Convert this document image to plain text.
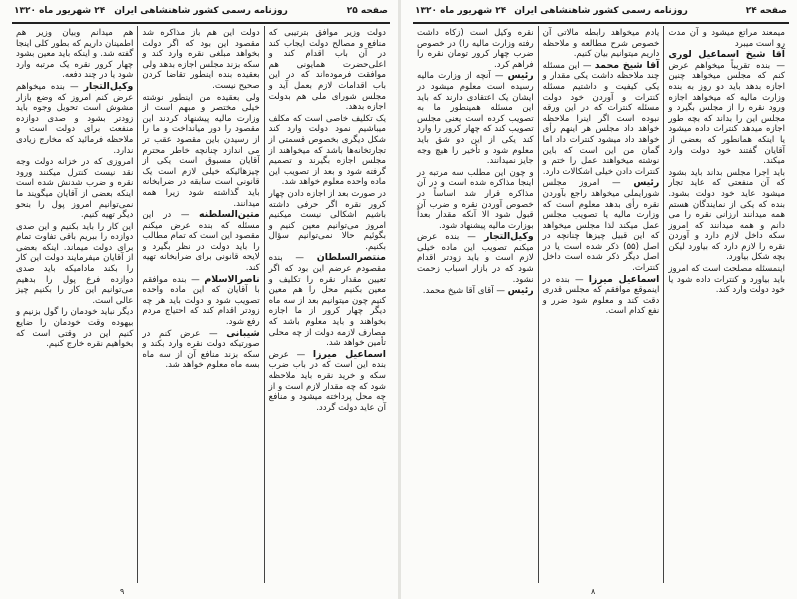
صفحه ۲۵
روزنامه رسمی کشور شاهنشاهی ایران
۲۴ شهریور ماه ۱۳۲۰

دولت وزیر موافق بترتیبی که منافع و مصالح دولت ایجاب کند در آن باب اقدام کند و اعلی‌حضرت همایونی هم موافقت فرموده‌اند که در این باب اقدامات لازم بعمل آید و مجلس شورای ملی هم بدولت اجازه بدهد.

یک تکلیف خاصی است که مکلف میباشیم نمود دولت وارد کند شکل دیگری بخصوص قسمتی از تجارتخانه‌ها باشد که میخواهند از مجلس اجازه بگیرند و تصمیم گرفته شود و بعد از تصویب این ماده واحده معلوم خواهد شد.

در صورت بعد از اجازه دادن چهار کرور نقره اگر حرفی داشته باشیم اشکالی نیست میکنیم امروز می‌توانیم معین کنیم و بگوئیم حالا نمی‌توانیم سؤال بکنیم.

منتصرالسلطان — بنده مقصودم عرضم این بود که اگر تعیین مقدار نقره را تکلیف و معین بکنیم محل را هم معین کنیم چون میتوانیم بعد از سه ماه دیگر چهار کرور از ما اجازه بخواهند و باید معلوم باشد که مصارف لازمه دولت از چه محلی تأمین خواهد شد.

اسماعیل میرزا — عرض بنده این است که در باب ضرب سکه و خرید نقره باید ملاحظه شود که چه مقدار لازم است و از چه محل پرداخته میشود و منافع آن عاید دولت گردد.

دولت این هم باز مذاکره شد مقصود این بود که اگر دولت بخواهد مبلغی نقره وارد کند و سکه بزند مجلس اجازه بدهد ولی بعقیده بنده اینطور تقاضا کردن صحیح نیست.

ولی بعقیده من اینطور نوشته خیلی مختصر و مبهم است از وزارت مالیه پیشنهاد کردند این مقصود را دور میانداخت و ما را از رسیدن باین مقصود عقب تر می اندازد چنانچه خاطر محترم آقایان مسبوق است یکی از چیزهائیکه خیلی لازم است یک قانونی است سابقه در ضرابخانه باید گذاشته شود زیرا همه میدانند.

متین‌السلطنه — در این مسئله که بنده عرض میکنم مقصود این است که تمام مطالب را باید دولت در نظر بگیرد و لایحه قانونی برای ضرابخانه تهیه کند.

ناصرالاسلام — بنده موافقم با آقایان که این ماده واحده تصویب شود و دولت باید هر چه زودتر اقدام کند که احتیاج مردم رفع شود.

شیبانی — عرض کنم در صورتیکه دولت نقره وارد بکند و سکه بزند منافع آن از سه ماه بسه ماه معلوم خواهد شد.

هم میدانم وبیان وزیر هم اطمینان داریم که بطور کلی اینجا گفته شد. و اینکه باید معین بشود چهار کرور نقره یک مرتبه وارد شود یا در چند دفعه.

وکیل‌التجار — بنده میخواهم عرض کنم امروز که وضع بازار مشوش است تحویل وجوه باید زودتر بشود و صدی دوازده منفعت برای دولت است و ملاحظه فرمائید که مخارج زیادی ندارد.

امروزی که در خزانه دولت وجه نقد نیست کنترل میکنند ورود نقره و ضرب شدنش شده است اینکه بعضی از آقایان میگویند ما نمی‌توانیم امروز پول را بنحو دیگر تهیه کنیم.

این کار را باید بکنیم و این صدی دوازده را ببریم باقی تفاوت تمام برای دولت میماند. اینکه بعضی از آقایان میفرمایند دولت این کار را بکند مادامیکه باید صدی دوازده فرع پول را بدهیم می‌توانیم این کار را بکنیم چیز عالی است.

دیگر نباید خودمان را گول بزنیم و بیهوده وقت خودمان را ضایع کنیم این در وقتی است که بخواهیم نقره خارج کنیم.

۹
صفحه ۲۴
روزنامه رسمی کشور شاهنشاهی ایران
۲۴ شهریور ماه ۱۳۲۰

میمعند مراتع میشود و آن مدت رو است میبرد

آقا شیخ اسماعیل لوری — بنده تقریباً میخواهم عرض کنم که مجلس میخواهد چنین اجازه بدهد باید دو روز به بنده وزارت مالیه که میخواهد اجازه ورود نقره را از مجلس بگیرد و مجلس این را بداند که بچه طور اجازه میدهد کنترات داده میشود یا اینکه همانطور که بعضی از آقایان گفتند خود دولت وارد میکند.

باید اجرا مجلس بداند باید بشود که آن منفعتی که عاید تجار میشود عاید خود دولت بشود. بنده که یکی از نمایندگان هستم همه میدانند ارزانی نقره را می دانم و همه میدانند که امروز سکه داخل لازم دارد و آوردن نقره را لازم دارد که بیاورد لیکن بچه شکل بیاورد.

اینمسئله مصلحت است که امروز باید بیاورد و کنترات داده شود یا خود دولت وارد کند.

یادم میخواهد رابطه مالاتی آن خصوص شرح مطالعه و ملاحظه داریم میتوانیم بیان کنیم.

آقا شیخ محمد — این مسئله چند ملاحظه داشت یکی مقدار و یکی کیفیت و داشتیم مسئله کنترات و آوردن خود دولت مسئله کنترات که در این ورقه نبوده است اگر اینرا ملاحظه خواهد داد مجلس هر اینهم رأی خواهد داد میشود کنترات داد اما گمان من این است که باین نوشته میخواهند عمل را ختم و کنترات دادن خیلی اشکالات دارد.

رئیس — امروز مجلس شورایملی میخواهد راجع بآوردن نقره رأی بدهد معلوم است که وزارت مالیه یا تصویب مجلس عمل میکند لذا مجلس میخواهد که این قبیل چیزها چنانچه در اصل (۵۵) ذکر شده است یا در اصل دیگر ذکر شده است داخل کنترات.

اسماعیل میرزا — بنده در اینموقع موافقم که مجلس قدری دقت کند و معلوم شود ضرر و نفع کدام است.

نقره وکیل است (زکاه داشت رفته وزارت مالیه را) در خصوص ضرب چهار کرور تومان نقره را فراهم کرد.

رئیس — آنچه از وزارت مالیه رسیده است معلوم میشود در ایشان یک اعتقادی دارند که باید این مسئله همینطور ما به تصویب کرده است یعنی مجلس تصویب کند که چهار کرور را وارد کند یکی از این دو شق باید معلوم شود و تأخیر را هیچ وجه جایز نمیدانند.

و چون این مطلب سه مرتبه در اینجا مذاکره شده است و در آن مذاکره قرار شد اساساً در خصوص آوردن نقره و ضرب آن قبول شود الا آنکه مقدار بعداً بوزارت مالیه پیشنهاد شود.

وکیل‌التجار — بنده عرض میکنم تصویب این ماده خیلی لازم است و باید زودتر اقدام شود که در بازار اسباب زحمت نشود.

رئیس — آقای آقا شیخ محمد.

۸
